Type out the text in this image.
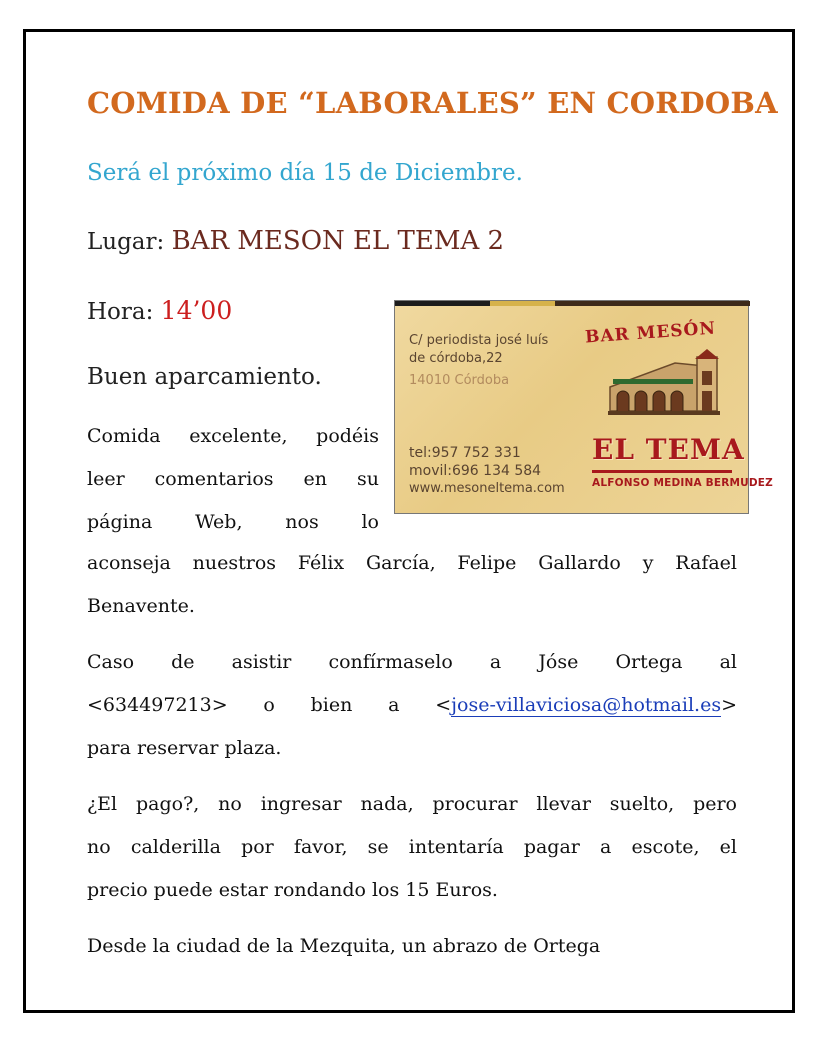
COMIDA DE “LABORALES” EN CORDOBA

Será el próximo día 15 de Diciembre.

Lugar: BAR MESON EL TEMA 2

Hora: 14’00

Buen aparcamiento.

Comida excelente, podéis

leer comentarios en su

página Web, nos lo

aconseja nuestros Félix García, Felipe Gallardo y Rafael

Benavente.

Caso de asistir confírmaselo a Jóse Ortega al

<634497213> o bien a <jose-villaviciosa@hotmail.es>

para reservar plaza.

¿El pago?, no ingresar nada, procurar llevar suelto, pero

no calderilla por favor, se intentaría pagar a escote, el

precio puede estar rondando los 15 Euros.

Desde la ciudad de la Mezquita, un abrazo de Ortega

C/ periodista josé luís
de córdoba,22
14010 Córdoba
tel:957 752 331
movil:696 134 584
www.mesoneltema.com
BAR MESÓN
EL TEMA
ALFONSO MEDINA BERMUDEZ
